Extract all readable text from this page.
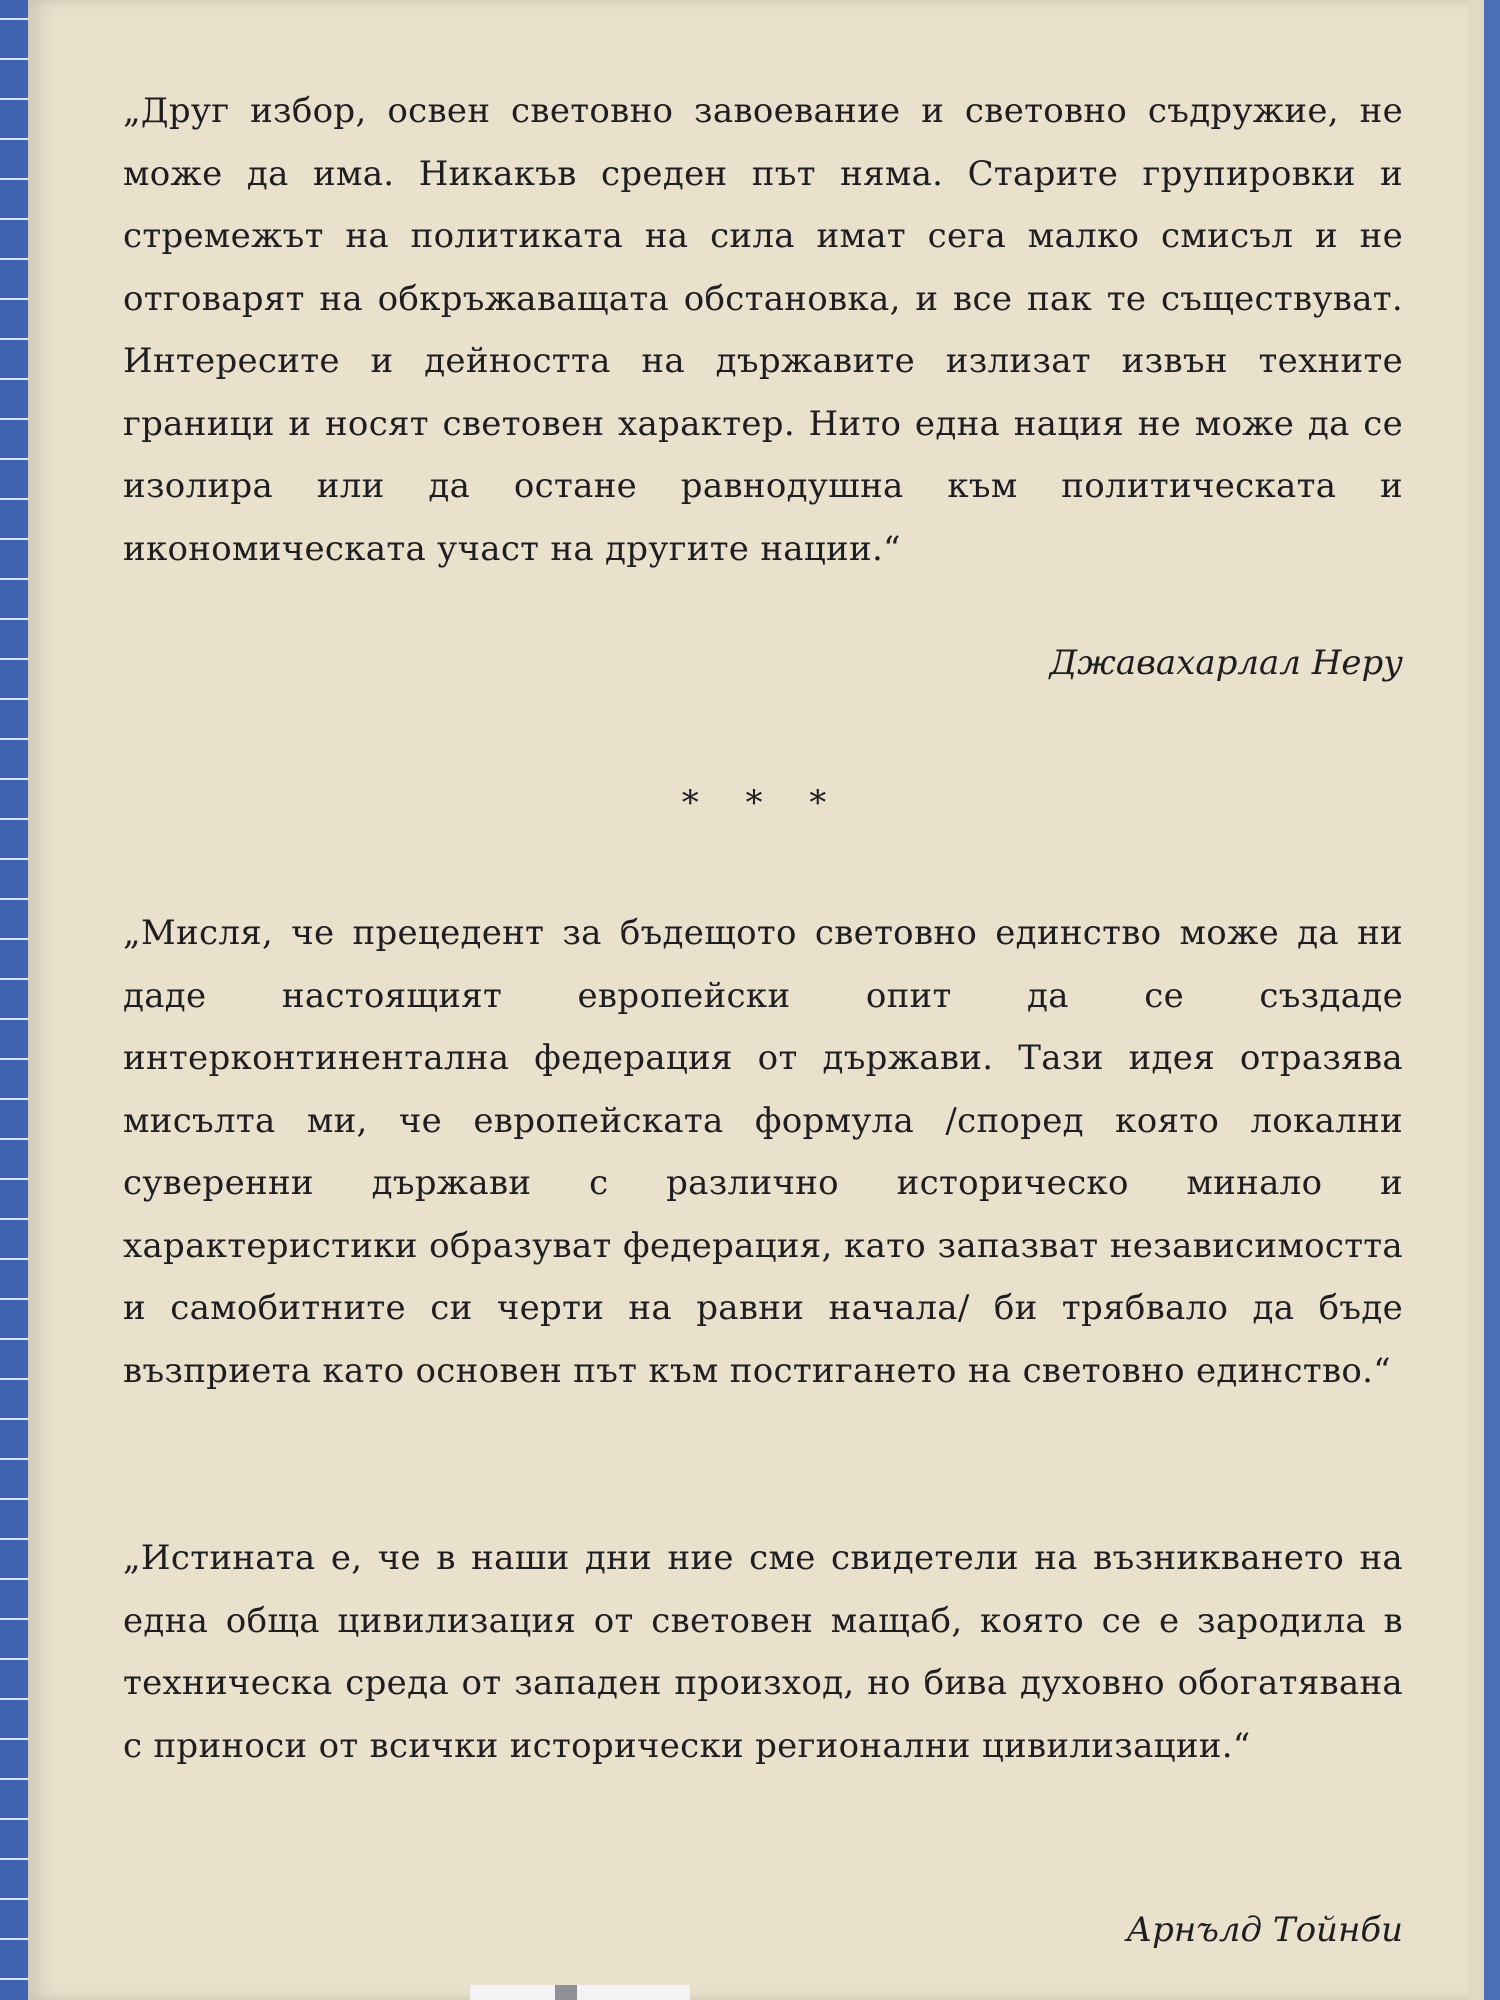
„Друг избор, освен световно завоевание и световно съдружие, не може да има. Никакъв среден път няма. Старите групировки и стремежът на политиката на сила имат сега малко смисъл и не отговарят на обкръжаващата обстановка, и все пак те съществуват. Интересите и дейността на държавите излизат извън техните граници и носят световен характер. Нито една нация не може да се изолира или да остане равнодушна към политическата и икономическата участ на другите нации.“

Джавахарлал Неру

* * *

„Мисля, че прецедент за бъдещото световно единство може да ни даде настоящият европейски опит да се създаде интерконтинентална федерация от държави. Тази идея отразява мисълта ми, че европейската формула /според която локални суверенни държави с различно историческо минало и характеристики образуват федерация, като запазват независимостта и самобитните си черти на равни начала/ би трябвало да бъде възприета като основен път към постигането на световно единство.“

„Истината е, че в наши дни ние сме свидетели на възникването на една обща цивилизация от световен мащаб, която се е зародила в техническа среда от западен произход, но бива духовно обогатявана с приноси от всички исторически регионални цивилизации.“

Арнълд Тойнби
